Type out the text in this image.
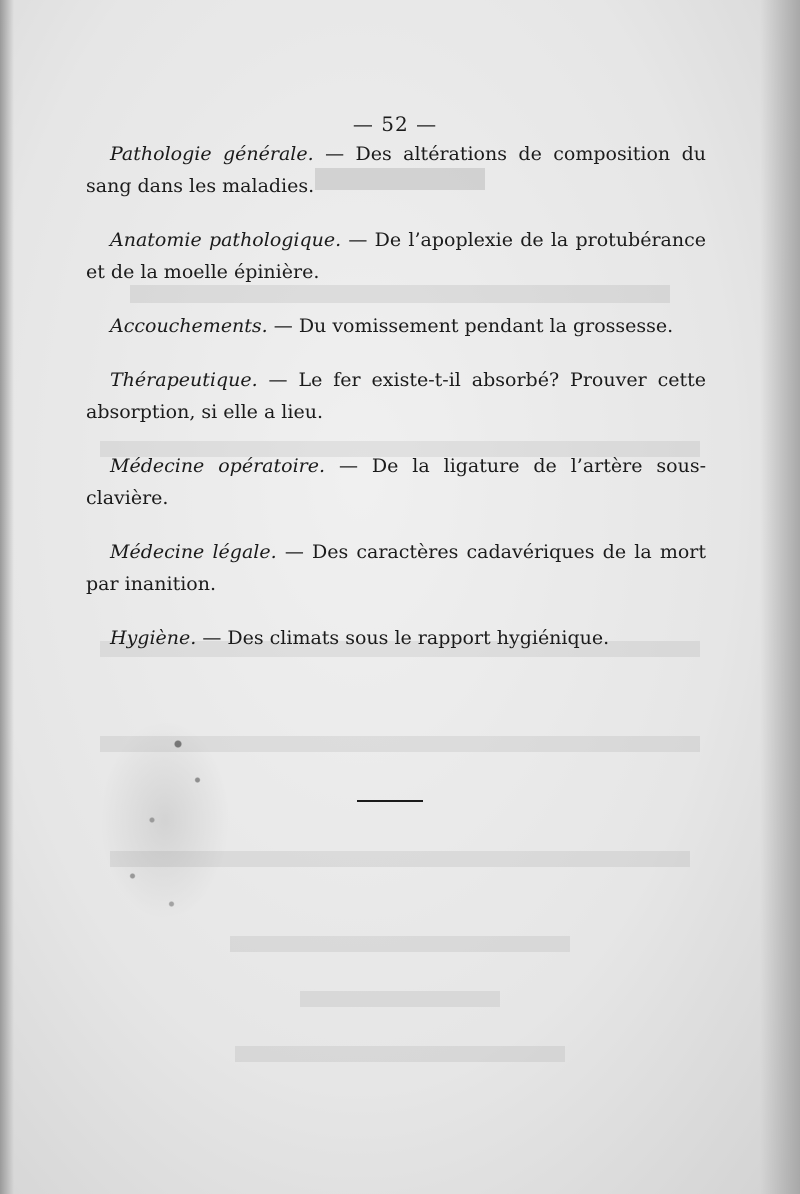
— 52 —

Pathologie générale. — Des altérations de composition du sang dans les maladies.

Anatomie pathologique. — De l’apoplexie de la protubérance et de la moelle épinière.

Accouchements. — Du vomissement pendant la grossesse.

Thérapeutique. — Le fer existe-t-il absorbé? Prouver cette absorption, si elle a lieu.

Médecine opératoire. — De la ligature de l’artère sous-clavière.

Médecine légale. — Des caractères cadavériques de la mort par inanition.

Hygiène. — Des climats sous le rapport hygiénique.
